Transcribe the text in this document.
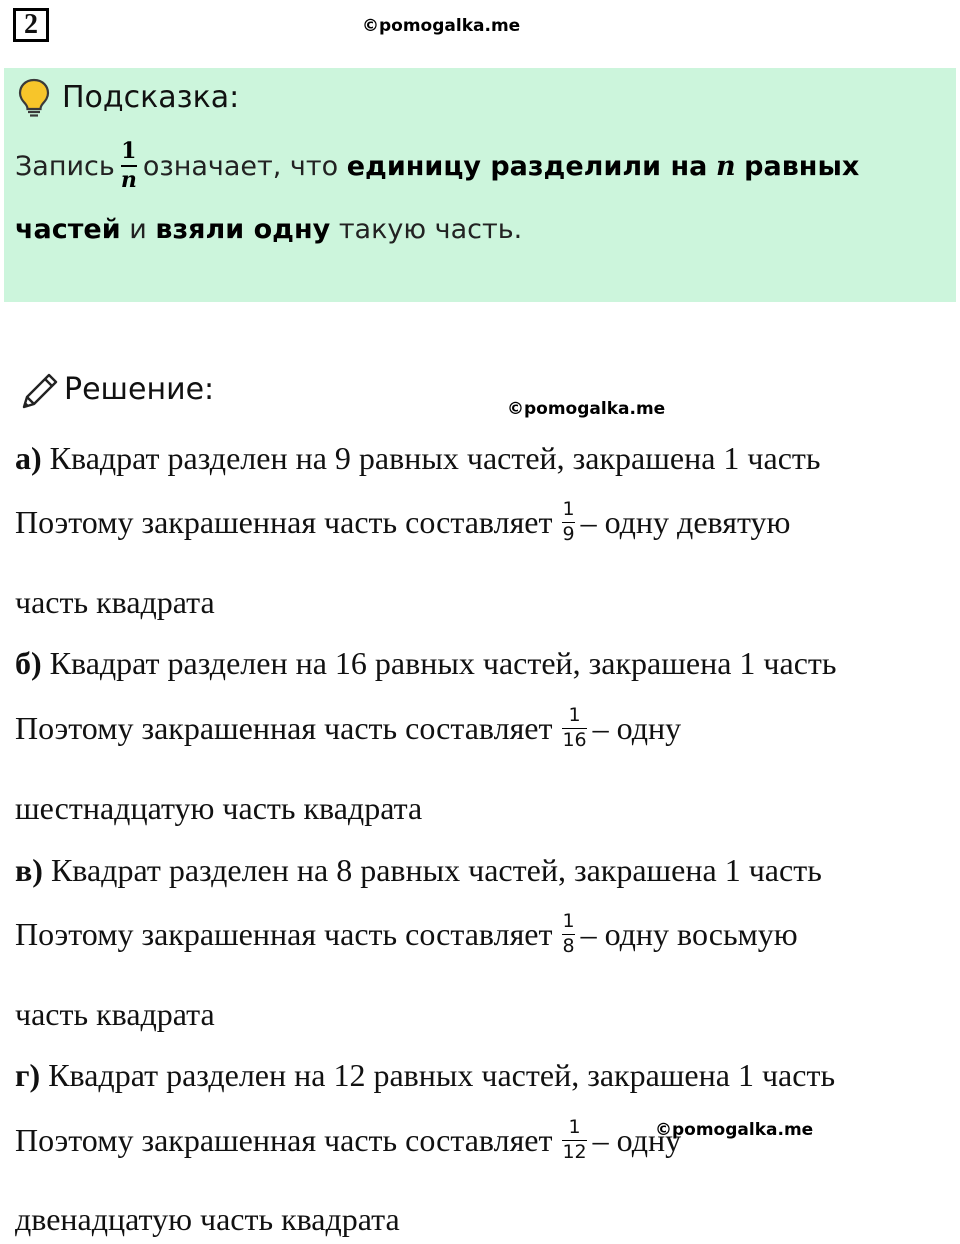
2	©pomogalka.me
Подсказка:
Запись $\frac{1}{n}$ означает, что
единицу разделили на
n
равных
частей
и
взяли одну
такую часть.
Решение:
©pomogalka.me
а) Квадрат разделен на 9 равных частей, закрашена 1 часть
Поэтому закрашенная часть составляет $\frac{1}{9}$ – одну девятую
часть квадрата
б) Квадрат разделен на 16 равных частей, закрашена 1 часть
Поэтому закрашенная часть составляет $\frac{1}{16}$ – одну
шестнадцатую часть квадрата
в) Квадрат разделен на 8 равных частей, закрашена 1 часть
Поэтому закрашенная часть составляет $\frac{1}{8}$ – одну восьмую
часть квадрата
г) Квадрат разделен на 12 равных частей, закрашена 1 часть
Поэтому закрашенная часть составляет $\frac{1}{12}$ – одну
©pomogalka.me
двенадцатую часть квадрата
